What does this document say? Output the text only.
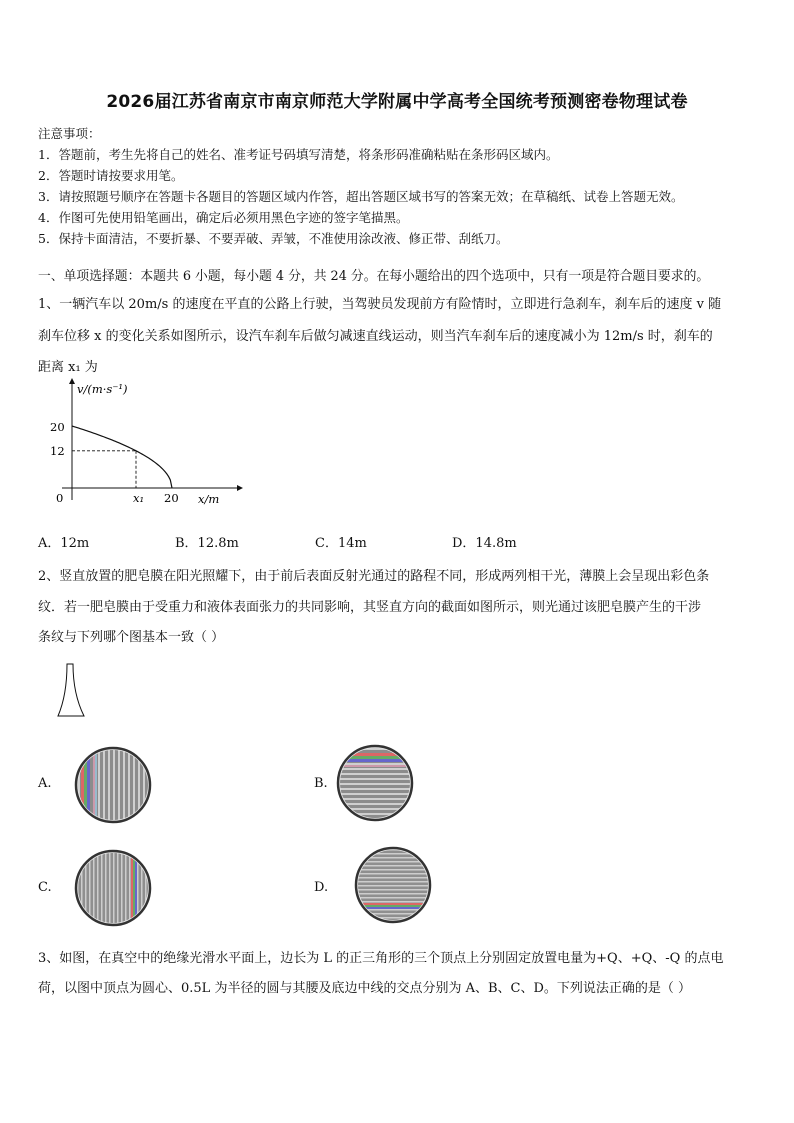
2026届江苏省南京市南京师范大学附属中学高考全国统考预测密卷物理试卷
注意事项：
1．答题前，考生先将自己的姓名、准考证号码填写清楚，将条形码准确粘贴在条形码区域内。
2．答题时请按要求用笔。
3．请按照题号顺序在答题卡各题目的答题区域内作答，超出答题区域书写的答案无效；在草稿纸、试卷上答题无效。
4．作图可先使用铅笔画出，确定后必须用黑色字迹的签字笔描黑。
5．保持卡面清洁，不要折暴、不要弄破、弄皱，不准使用涂改液、修正带、刮纸刀。
一、单项选择题：本题共 6 小题，每小题 4 分，共 24 分。在每小题给出的四个选项中，只有一项是符合题目要求的。
1、一辆汽车以 20m/s 的速度在平直的公路上行驶，当驾驶员发现前方有险情时，立即进行急刹车，刹车后的速度 v 随
刹车位移 x 的变化关系如图所示，设汽车刹车后做匀减速直线运动，则当汽车刹车后的速度减小为 12m/s 时，刹车的
距离 x₁ 为
v/(m·s⁻¹)
x/m
20
12
0	x₁ 20
A．12m	B．12.8m	C．14m	D．14.8m
2、竖直放置的肥皂膜在阳光照耀下，由于前后表面反射光通过的路程不同，形成两列相干光，薄膜上会呈现出彩色条
纹．若一肥皂膜由于受重力和液体表面张力的共同影响，其竖直方向的截面如图所示，则光通过该肥皂膜产生的干涉
条纹与下列哪个图基本一致（ ）
A.	B.
C.	D.
3、如图，在真空中的绝缘光滑水平面上，边长为 L 的正三角形的三个顶点上分别固定放置电量为+Q、+Q、-Q 的点电
荷，以图中顶点为圆心、0.5L 为半径的圆与其腰及底边中线的交点分别为 A、B、C、D。下列说法正确的是（ ）
